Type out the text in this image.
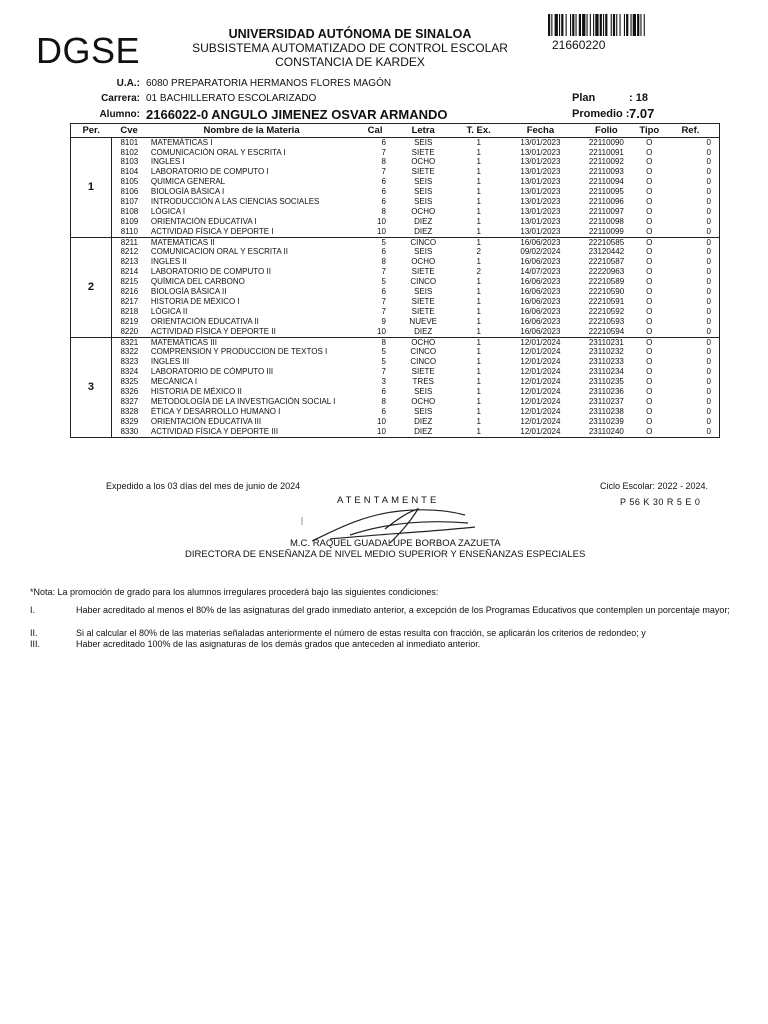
DGSE	UNIVERSIDAD AUTÓNOMA DE SINALOA
SUBSISTEMA AUTOMATIZADO DE CONTROL ESCOLAR
CONSTANCIA DE KARDEX
21660220
U.A.: 6080 PREPARATORIA HERMANOS FLORES MAGÓN
Carrera: 01 BACHILLERATO ESCOLARIZADO
Alumno: 2166022-0 ANGULO JIMENEZ OSVAR ARMANDO
Plan	: 18
Promedio : 7.07
Per.	Cve	Nombre de la Materia	Cal	Letra	T. Ex.	Fecha	Folio	Tipo	Ref.
1	8101	MATEMÁTICAS I	6	SEIS	1	13/01/2023	22110090	O	0
	8102	COMUNICACIÓN ORAL Y ESCRITA I	7	SIETE	1	13/01/2023	22110091	O	0
	8103	INGLÉS I	8	OCHO	1	13/01/2023	22110092	O	0
	8104	LABORATORIO DE CÓMPUTO I	7	SIETE	1	13/01/2023	22110093	O	0
	8105	QUÍMICA GENERAL	6	SEIS	1	13/01/2023	22110094	O	0
	8106	BIOLOGÍA BÁSICA I	6	SEIS	1	13/01/2023	22110095	O	0
	8107	INTRODUCCIÓN A LAS CIENCIAS SOCIALES	6	SEIS	1	13/01/2023	22110096	O	0
	8108	LÓGICA I	8	OCHO	1	13/01/2023	22110097	O	0
	8109	ORIENTACIÓN EDUCATIVA I	10	DIEZ	1	13/01/2023	22110098	O	0
	8110	ACTIVIDAD FÍSICA Y DEPORTE I	10	DIEZ	1	13/01/2023	22110099	O	0
2	8211	MATEMÁTICAS II	5	CINCO	1	16/06/2023	22210585	O	0
	8212	COMUNICACIÓN ORAL Y ESCRITA II	6	SEIS	2	09/02/2024	23120442	O	0
	8213	INGLÉS II	8	OCHO	1	16/06/2023	22210587	O	0
	8214	LABORATORIO DE CÓMPUTO II	7	SIETE	2	14/07/2023	22220963	O	0
	8215	QUÍMICA DEL CARBONO	5	CINCO	1	16/06/2023	22210589	O	0
	8216	BIOLOGÍA BÁSICA II	6	SEIS	1	16/06/2023	22210590	O	0
	8217	HISTORIA DE MÉXICO I	7	SIETE	1	16/06/2023	22210591	O	0
	8218	LÓGICA II	7	SIETE	1	16/06/2023	22210592	O	0
	8219	ORIENTACIÓN EDUCATIVA II	9	NUEVE	1	16/06/2023	22210593	O	0
	8220	ACTIVIDAD FÍSICA Y DEPORTE II	10	DIEZ	1	16/06/2023	22210594	O	0
3	8321	MATEMÁTICAS III	8	OCHO	1	12/01/2024	23110231	O	0
	8322	COMPRENSIÓN Y PRODUCCIÓN DE TEXTOS I	5	CINCO	1	12/01/2024	23110232	O	0
	8323	INGLÉS III	5	CINCO	1	12/01/2024	23110233	O	0
	8324	LABORATORIO DE CÓMPUTO III	7	SIETE	1	12/01/2024	23110234	O	0
	8325	MECÁNICA I	3	TRES	1	12/01/2024	23110235	O	0
	8326	HISTORIA DE MÉXICO II	6	SEIS	1	12/01/2024	23110236	O	0
	8327	METODOLOGÍA DE LA INVESTIGACIÓN SOCIAL I	8	OCHO	1	12/01/2024	23110237	O	0
	8328	ÉTICA Y DESARROLLO HUMANO I	6	SEIS	1	12/01/2024	23110238	O	0
	8329	ORIENTACIÓN EDUCATIVA III	10	DIEZ	1	12/01/2024	23110239	O	0
	8330	ACTIVIDAD FÍSICA Y DEPORTE III	10	DIEZ	1	12/01/2024	23110240	O	0
Expedido a los 03 días del mes de junio de 2024	Ciclo Escolar: 2022 - 2024.
ATENTAMENTE	P 56 K 30 R 5 E 0
M.C. RAQUEL GUADALUPE BORBOA ZAZUETA
DIRECTORA DE ENSEÑANZA DE NIVEL MEDIO SUPERIOR Y ENSEÑANZAS ESPECIALES
*Nota: La promoción de grado para los alumnos irregulares procederá bajo las siguientes condiciones:
I.	Haber acreditado al menos el 80% de las asignaturas del grado inmediato anterior, a excepción de los Programas Educativos que contemplen un porcentaje mayor;
II.	Si al calcular el 80% de las materias señaladas anteriormente el número de estas resulta con fracción, se aplicarán los criterios de redondeo; y
III.	Haber acreditado 100% de las asignaturas de los demás grados que anteceden al inmediato anterior.
